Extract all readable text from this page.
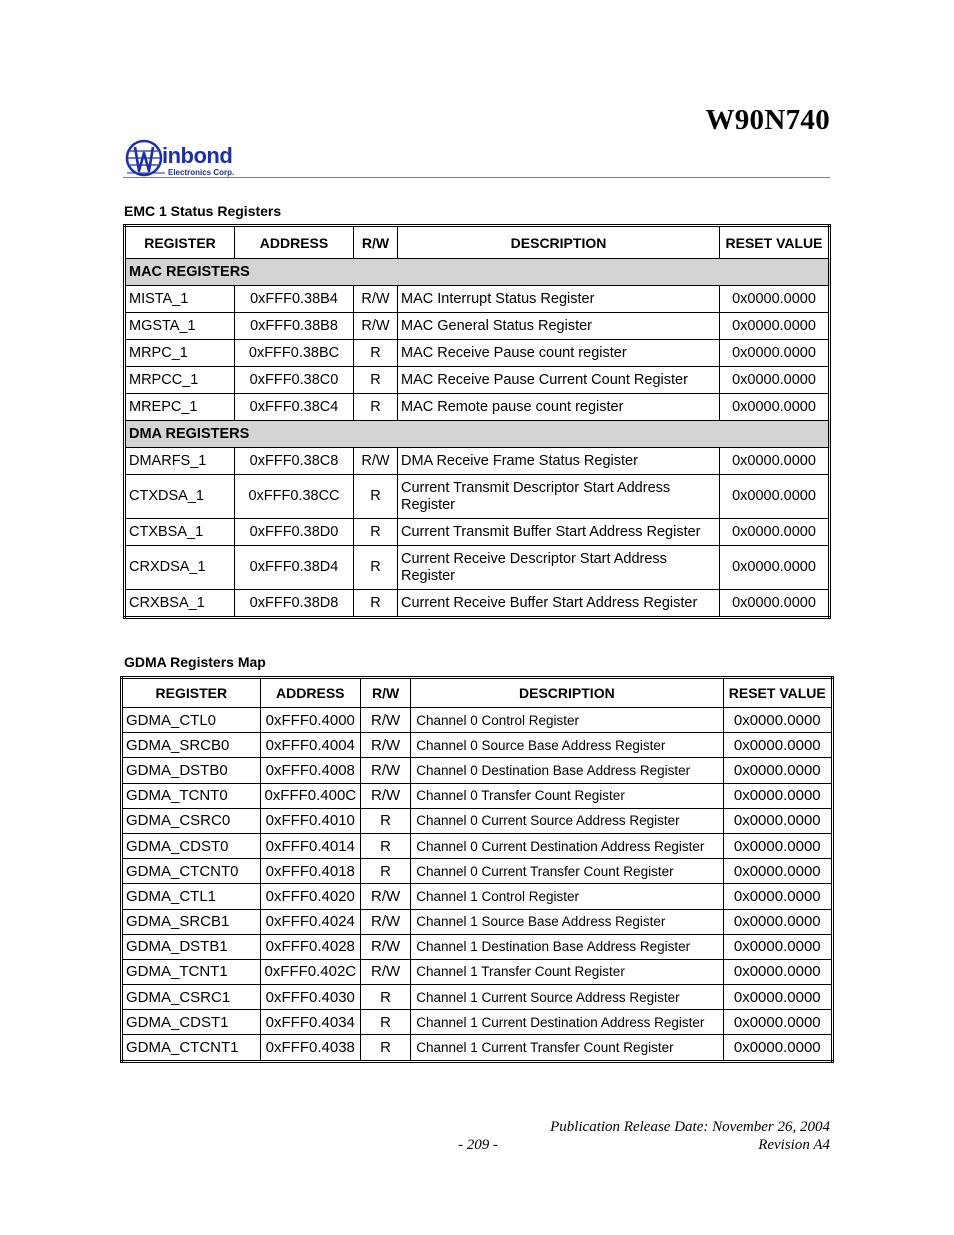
W90N740
inbond
Electronics Corp.
EMC 1 Status Registers
REGISTER	ADDRESS	R/W	DESCRIPTION	RESET VALUE
MAC REGISTERS				
MISTA_1	0xFFF0.38B4	R/W	MAC Interrupt Status Register	0x0000.0000
MGSTA_1	0xFFF0.38B8	R/W	MAC General Status Register	0x0000.0000
MRPC_1	0xFFF0.38BC	R	MAC Receive Pause count register	0x0000.0000
MRPCC_1	0xFFF0.38C0	R	MAC Receive Pause Current Count Register	0x0000.0000
MREPC_1	0xFFF0.38C4	R	MAC Remote pause count register	0x0000.0000
DMA REGISTERS				
DMARFS_1	0xFFF0.38C8	R/W	DMA Receive Frame Status Register	0x0000.0000
CTXDSA_1	0xFFF0.38CC	R	Current Transmit Descriptor Start Address Register	0x0000.0000
CTXBSA_1	0xFFF0.38D0	R	Current Transmit Buffer Start Address Register	0x0000.0000
CRXDSA_1	0xFFF0.38D4	R	Current Receive Descriptor Start Address Register	0x0000.0000
CRXBSA_1	0xFFF0.38D8	R	Current Receive Buffer Start Address Register	0x0000.0000
GDMA Registers Map
REGISTER	ADDRESS	R/W	DESCRIPTION	RESET VALUE
GDMA_CTL0	0xFFF0.4000	R/W	Channel 0 Control Register	0x0000.0000
GDMA_SRCB0	0xFFF0.4004	R/W	Channel 0 Source Base Address Register	0x0000.0000
GDMA_DSTB0	0xFFF0.4008	R/W	Channel 0 Destination Base Address Register	0x0000.0000
GDMA_TCNT0	0xFFF0.400C	R/W	Channel 0 Transfer Count Register	0x0000.0000
GDMA_CSRC0	0xFFF0.4010	R	Channel 0 Current Source Address Register	0x0000.0000
GDMA_CDST0	0xFFF0.4014	R	Channel 0 Current Destination Address Register	0x0000.0000
GDMA_CTCNT0	0xFFF0.4018	R	Channel 0 Current Transfer Count Register	0x0000.0000
GDMA_CTL1	0xFFF0.4020	R/W	Channel 1 Control Register	0x0000.0000
GDMA_SRCB1	0xFFF0.4024	R/W	Channel 1 Source Base Address Register	0x0000.0000
GDMA_DSTB1	0xFFF0.4028	R/W	Channel 1 Destination Base Address Register	0x0000.0000
GDMA_TCNT1	0xFFF0.402C	R/W	Channel 1 Transfer Count Register	0x0000.0000
GDMA_CSRC1	0xFFF0.4030	R	Channel 1 Current Source Address Register	0x0000.0000
GDMA_CDST1	0xFFF0.4034	R	Channel 1 Current Destination Address Register	0x0000.0000
GDMA_CTCNT1	0xFFF0.4038	R	Channel 1 Current Transfer Count Register	0x0000.0000

Publication Release Date: November 26, 2004

- 209 -	Revision A4
